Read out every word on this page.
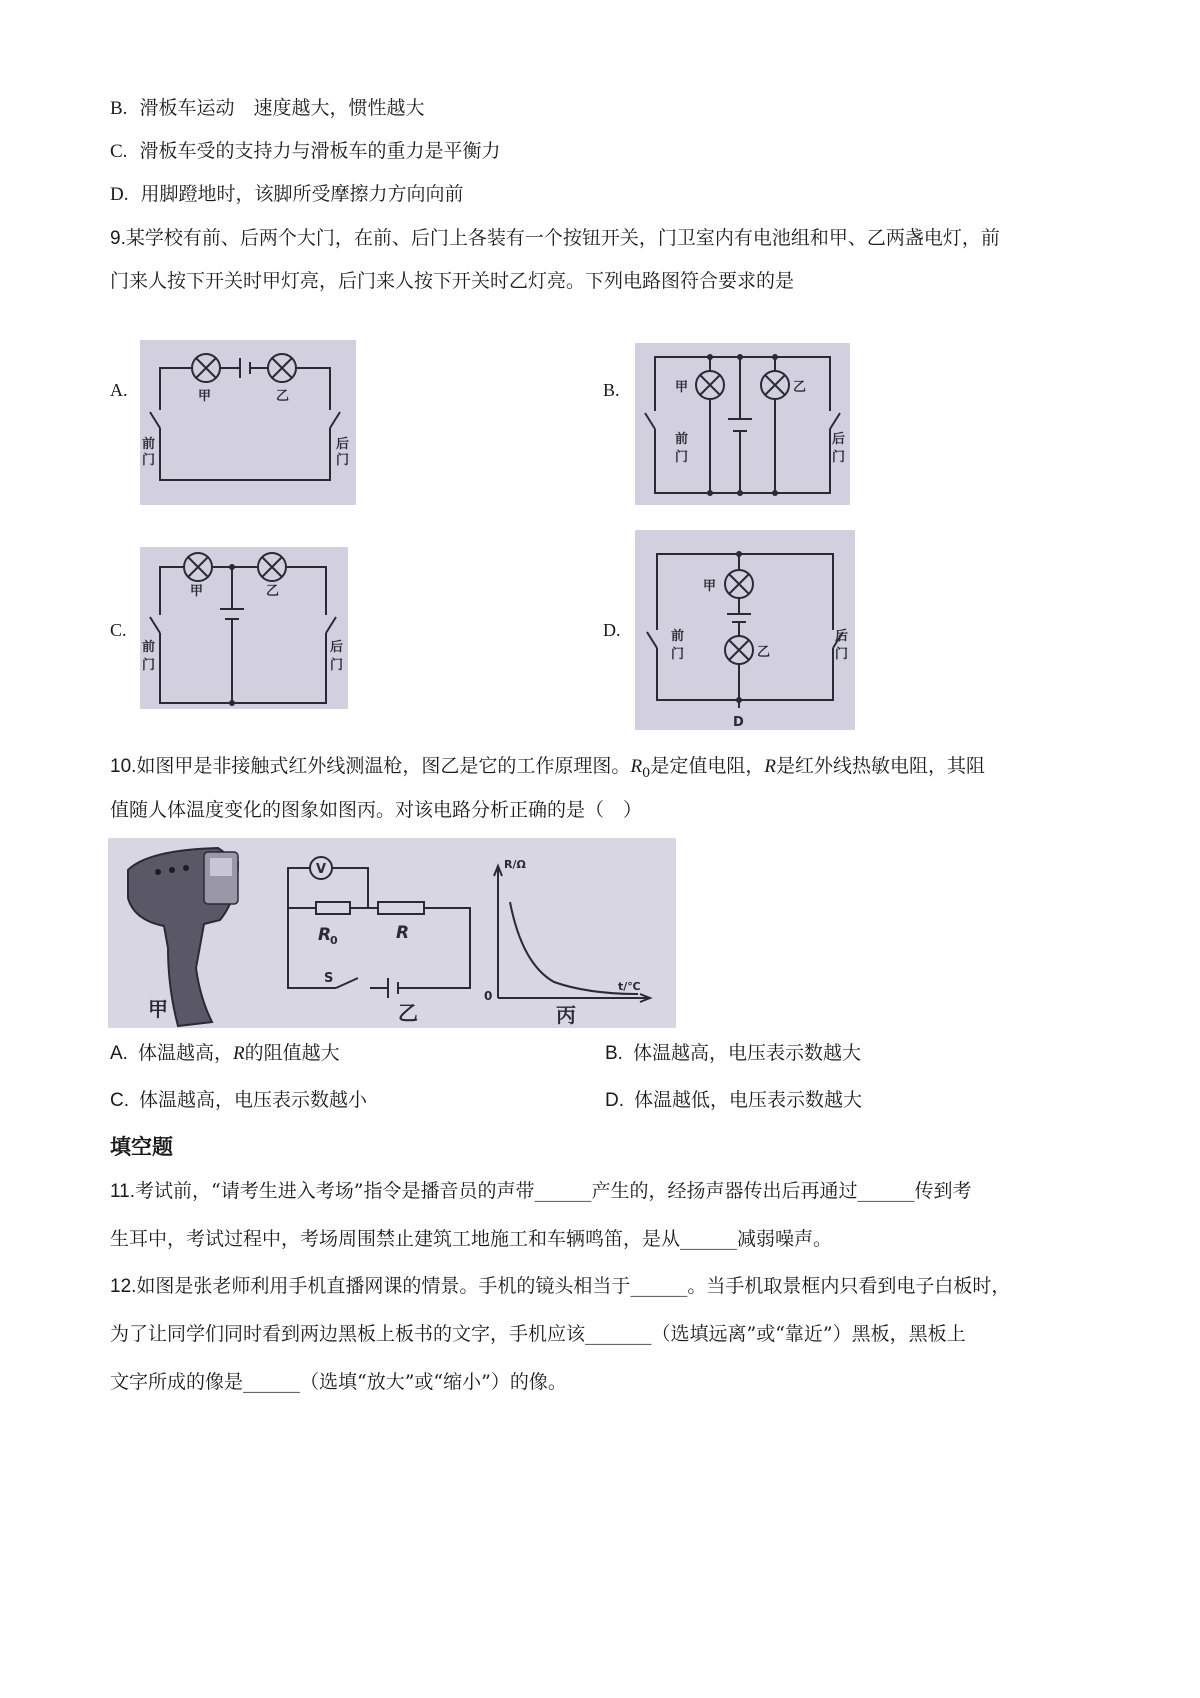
B. 滑板车运动　速度越大，惯性越大
C. 滑板车受的支持力与滑板车的重力是平衡力
D. 用脚蹬地时，该脚所受摩擦力方向向前
9.某学校有前、后两个大门，在前、后门上各装有一个按钮开关，门卫室内有电池组和甲、乙两盏电灯，前
门来人按下开关时甲灯亮，后门来人按下开关时乙灯亮。下列电路图符合要求的是
A.	甲	乙
前
门
后
门
B.	甲	乙
前
门
后
门
C.
甲	乙
前
门
后
门
D.
甲
乙
前
门
后
门
D
10.如图甲是非接触式红外线测温枪，图乙是它的工作原理图。$R_0$是定值电阻，R是红外线热敏电阻，其阻
值随人体温度变化的图象如图丙。对该电路分析正确的是（　）
甲
V
R
0	R
S
乙
R/Ω
t/℃
0
丙
A. 体温越高，R的阻值越大	B. 体温越高，电压表示数越大
C. 体温越高，电压表示数越小	D. 体温越低，电压表示数越大
填空题
11.考试前，“请考生进入考场”指令是播音员的声带______产生的，经扬声器传出后再通过______传到考
生耳中，考试过程中，考场周围禁止建筑工地施工和车辆鸣笛，是从______减弱噪声。
12.如图是张老师利用手机直播网课的情景。手机的镜头相当于______。当手机取景框内只看到电子白板时，
为了让同学们同时看到两边黑板上板书的文字，手机应该_______（选填远离”或“靠近”）黑板，黑板上
文字所成的像是______（选填“放大”或“缩小”）的像。
